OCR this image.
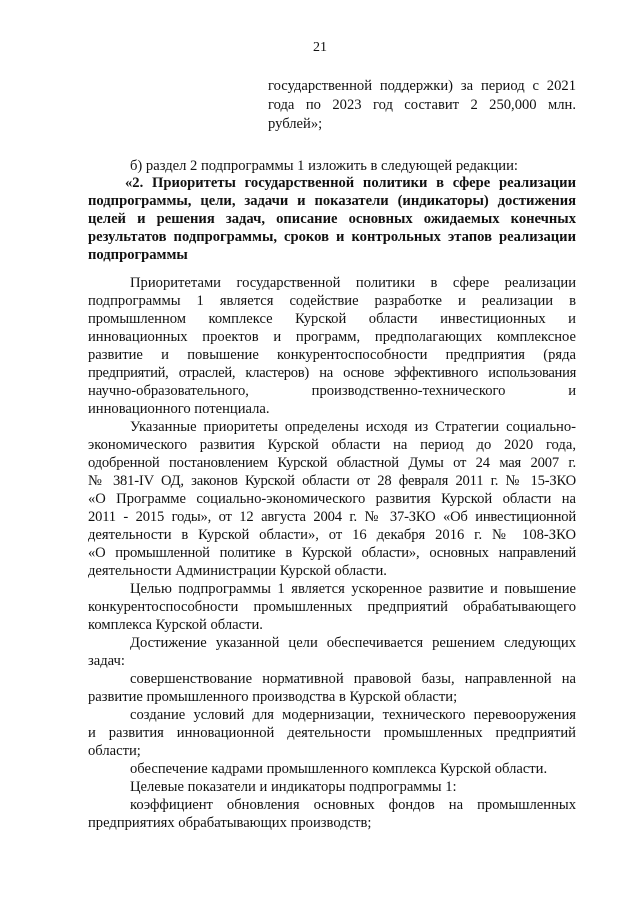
21
государственной поддержки) за период с 2021
года по 2023 год составит 2 250,000 млн.
рублей»;
б) раздел 2 подпрограммы 1 изложить в следующей редакции:
«2. Приоритеты государственной политики в сфере реализации
подпрограммы, цели, задачи и показатели (индикаторы) достижения
целей и решения задач, описание основных ожидаемых конечных
результатов подпрограммы, сроков и контрольных этапов реализации
подпрограммы
Приоритетами государственной политики в сфере реализации
подпрограммы 1 является содействие разработке и реализации в
промышленном комплексе Курской области инвестиционных и
инновационных проектов и программ, предполагающих комплексное
развитие и повышение конкурентоспособности предприятия (ряда
предприятий, отраслей, кластеров) на основе эффективного использования
научно-образовательного, производственно-технического и
инновационного потенциала.
Указанные приоритеты определены исходя из Стратегии социально-
экономического развития Курской области на период до 2020 года,
одобренной постановлением Курской областной Думы от 24 мая 2007 г.
№ 381-IV ОД, законов Курской области от 28 февраля 2011 г. № 15-ЗКО
«О Программе социально-экономического развития Курской области на
2011 - 2015 годы», от 12 августа 2004 г. № 37-ЗКО «Об инвестиционной
деятельности в Курской области», от 16 декабря 2016 г. № 108-ЗКО
«О промышленной политике в Курской области», основных направлений
деятельности Администрации Курской области.
Целью подпрограммы 1 является ускоренное развитие и повышение
конкурентоспособности промышленных предприятий обрабатывающего
комплекса Курской области.
Достижение указанной цели обеспечивается решением следующих
задач:
совершенствование нормативной правовой базы, направленной на
развитие промышленного производства в Курской области;
создание условий для модернизации, технического перевооружения
и развития инновационной деятельности промышленных предприятий
области;
обеспечение кадрами промышленного комплекса Курской области.
Целевые показатели и индикаторы подпрограммы 1:
коэффициент обновления основных фондов на промышленных
предприятиях обрабатывающих производств;
